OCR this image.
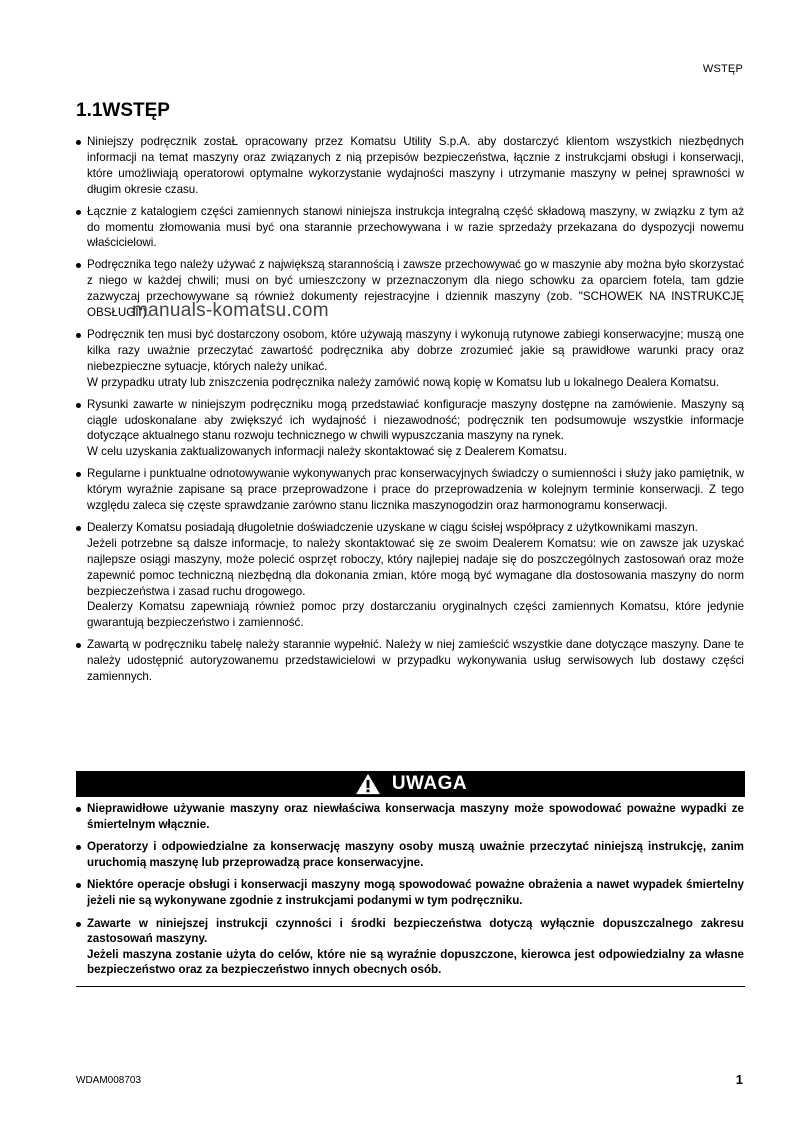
WSTĘP
1.1WSTĘP

Niniejszy podręcznik zostaŁ opracowany przez Komatsu Utility S.p.A. aby dostarczyć klientom wszystkich niezbędnych informacji na temat maszyny oraz związanych z nią przepisów bezpieczeństwa, łącznie z instrukcjami obsługi i konserwacji, które umożliwiają operatorowi optymalne wykorzystanie wydajności maszyny i utrzymanie maszyny w pełnej sprawności w długim okresie czasu.

Łącznie z katalogiem części zamiennych stanowi niniejsza instrukcja integralną część składową maszyny, w związku z tym aż do momentu złomowania musi być ona starannie przechowywana i w razie sprzedaży przekazana do dyspozycji nowemu właścicielowi.

Podręcznika tego należy używać z największą starannością i zawsze przechowywać go w maszynie aby można było skorzystać z niego w każdej chwili; musi on być umieszczony w przeznaczonym dla niego schowku za oparciem fotela, tam gdzie zazwyczaj przechowywane są również dokumenty rejestracyjne i dziennik maszyny (zob. "SCHOWEK NA INSTRUKCJĘ OBSŁUGI").

Podręcznik ten musi być dostarczony osobom, które używają maszyny i wykonują rutynowe zabiegi konserwacyjne; muszą one kilka razy uważnie przeczytać zawartość podręcznika aby dobrze zrozumieć jakie są prawidłowe warunki pracy oraz niebezpieczne sytuacje, których należy unikać.

W przypadku utraty lub zniszczenia podręcznika należy zamówić nową kopię w Komatsu lub u lokalnego Dealera Komatsu.

Rysunki zawarte w niniejszym podręczniku mogą przedstawiać konfiguracje maszyny dostępne na zamówienie. Maszyny są ciągle udoskonalane aby zwiększyć ich wydajność i niezawodność; podręcznik ten podsumowuje wszystkie informacje dotyczące aktualnego stanu rozwoju technicznego w chwili wypuszczania maszyny na rynek.

W celu uzyskania zaktualizowanych informacji należy skontaktować się z Dealerem Komatsu.

Regularne i punktualne odnotowywanie wykonywanych prac konserwacyjnych świadczy o sumienności i służy jako pamiętnik, w którym wyraźnie zapisane są prace przeprowadzone i prace do przeprowadzenia w kolejnym terminie konserwacji. Z tego względu zaleca się częste sprawdzanie zarówno stanu licznika maszynogodzin oraz harmonogramu konserwacji.

Dealerzy Komatsu posiadają długoletnie doświadczenie uzyskane w ciągu ścisłej współpracy z użytkownikami maszyn.

Jeżeli potrzebne są dalsze informacje, to należy skontaktować się ze swoim Dealerem Komatsu: wie on zawsze jak uzyskać najlepsze osiągi maszyny, może polecić osprzęt roboczy, który najlepiej nadaje się do poszczególnych zastosowań oraz może zapewnić pomoc techniczną niezbędną dla dokonania zmian, które mogą być wymagane dla dostosowania maszyny do norm bezpieczeństwa i zasad ruchu drogowego.

Dealerzy Komatsu zapewniają również pomoc przy dostarczaniu oryginalnych części zamiennych Komatsu, które jedynie gwarantują bezpieczeństwo i zamienność.

Zawartą w podręczniku tabelę należy starannie wypełnić. Należy w niej zamieścić wszystkie dane dotyczące maszyny. Dane te należy udostępnić autoryzowanemu przedstawicielowi w przypadku wykonywania usług serwisowych lub dostawy części zamiennych.

manuals-komatsu.com
UWAGA

Nieprawidłowe używanie maszyny oraz niewłaściwa konserwacja maszyny może spowodować poważne wypadki ze śmiertelnym włącznie.

Operatorzy i odpowiedzialne za konserwację maszyny osoby muszą uważnie przeczytać niniejszą instrukcję, zanim uruchomią maszynę lub przeprowadzą prace konserwacyjne.

Niektóre operacje obsługi i konserwacji maszyny mogą spowodować poważne obrażenia a nawet wypadek śmiertelny jeżeli nie są wykonywane zgodnie z instrukcjami podanymi w tym podręczniku.

Zawarte w niniejszej instrukcji czynności i środki bezpieczeństwa dotyczą wyłącznie dopuszczalnego zakresu zastosowań maszyny.

Jeżeli maszyna zostanie użyta do celów, które nie są wyraźnie dopuszczone, kierowca jest odpowiedzialny za własne bezpieczeństwo oraz za bezpieczeństwo innych obecnych osób.

WDAM008703	1
